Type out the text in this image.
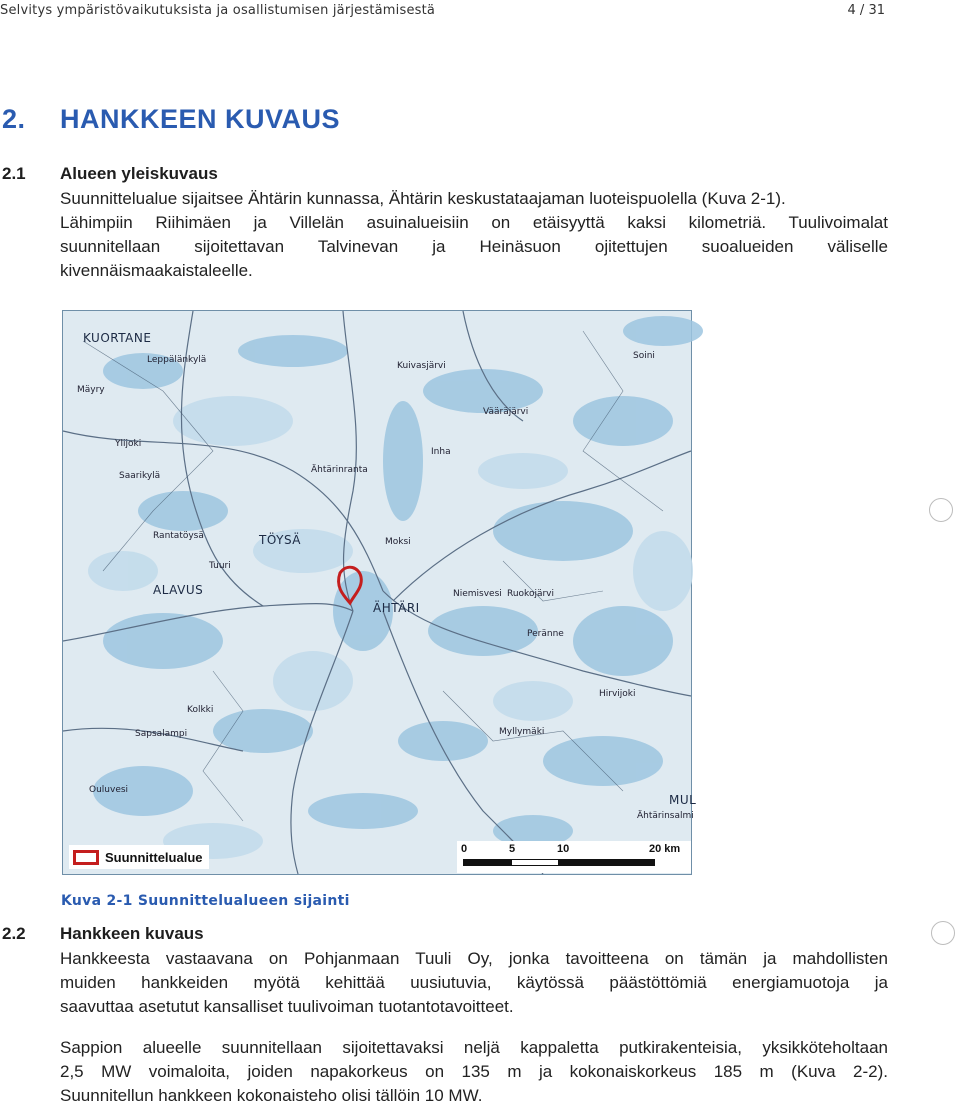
Selvitys ympäristövaikutuksista ja osallistumisen järjestämisestä	4 / 31
2. HANKKEEN KUVAUS
2.1 Alueen yleiskuvaus
Suunnittelualue sijaitsee Ähtärin kunnassa, Ähtärin keskustataajaman luoteispuolella (Kuva 2-1).
Lähimpiin Riihimäen ja Villelän asuinalueisiin on etäisyyttä kaksi kilometriä. Tuulivoimalat
suunnitellaan sijoitettavan Talvinevan ja Heinäsuon ojitettujen suoalueiden väliselle
kivennäismaakaistaleelle.
KUORTANE
TÖYSÄ
ALAVUS
ÄHTÄRI
Leppälänkylä
Mäyry
Ylijoki
Saarikylä
Rantatöysä
Tuuri
Sapsalampi
Ähtärinranta
Kuivasjärvi
Inha
Kolkki
Peränne
Ouluvesi
Myllymäki
Soini
MUL
Ähtärinsalmi
Vääräjärvi
Hirvijoki
Moksi
Niemisvesi Ruokojärvi
Suunnittelualue
0	5	10	20 km
Kuva 2-1 Suunnittelualueen sijainti
2.2 Hankkeen kuvaus
Hankkeesta vastaavana on Pohjanmaan Tuuli Oy, jonka tavoitteena on tämän ja mahdollisten
muiden hankkeiden myötä kehittää uusiutuvia, käytössä päästöttömiä energiamuotoja ja
saavuttaa asetutut kansalliset tuulivoiman tuotantotavoitteet.
Sappion alueelle suunnitellaan sijoitettavaksi neljä kappaletta putkirakenteisia, yksikköteholtaan
2,5 MW voimaloita, joiden napakorkeus on 135 m ja kokonaiskorkeus 185 m (Kuva 2-2).
Suunnitellun hankkeen kokonaisteho olisi tällöin 10 MW.
